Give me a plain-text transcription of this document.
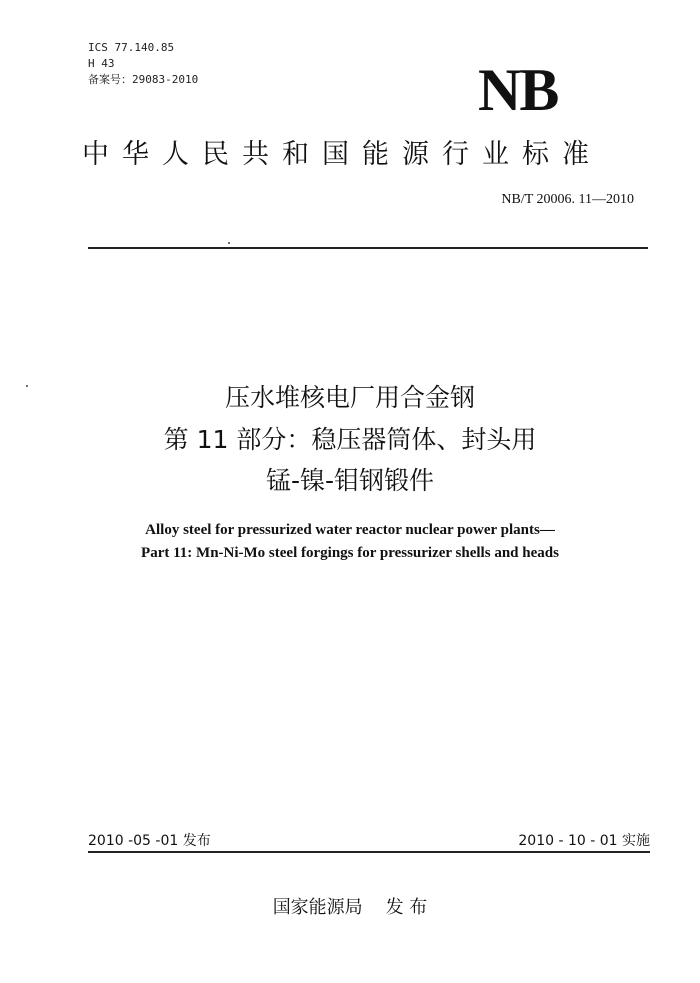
ICS 77.140.85
H 43
备案号：29083-2010	NB
中华人民共和国能源行业标准
NB/T 20006. 11—2010
压水堆核电厂用合金钢
第 11 部分：稳压器筒体、封头用
锰-镍-钼钢锻件
Alloy steel for pressurized water reactor nuclear power plants—
Part 11: Mn-Ni-Mo steel forgings for pressurizer shells and heads
2010 -05 -01 发布	2010 - 10 - 01 实施
国家能源局    发 布
